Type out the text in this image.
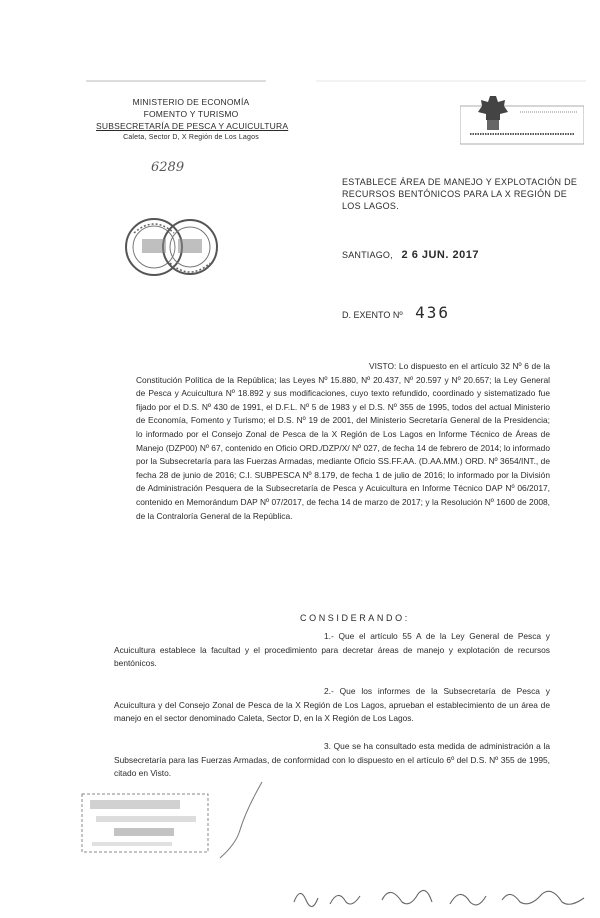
MINISTERIO DE ECONOMÍA
FOMENTO Y TURISMO
SUBSECRETARÍA DE PESCA Y ACUICULTURA
Caleta, Sector D, X Región de Los Lagos
6289
ESTABLECE ÁREA DE MANEJO Y EXPLOTACIÓN DE RECURSOS BENTÓNICOS PARA LA X REGIÓN DE LOS LAGOS.
SANTIAGO, 2 6 JUN. 2017
D. EXENTO Nº 436
VISTO: Lo dispuesto en el artículo 32 Nº 6 de la Constitución Política de la República; las Leyes Nº 15.880, Nº 20.437, Nº 20.597 y Nº 20.657; la Ley General de Pesca y Acuicultura Nº 18.892 y sus modificaciones, cuyo texto refundido, coordinado y sistematizado fue fijado por el D.S. Nº 430 de 1991, el D.F.L. Nº 5 de 1983 y el D.S. Nº 355 de 1995, todos del actual Ministerio de Economía, Fomento y Turismo; el D.S. Nº 19 de 2001, del Ministerio Secretaría General de la Presidencia; lo informado por el Consejo Zonal de Pesca de la X Región de Los Lagos en Informe Técnico de Áreas de Manejo (DZP00) Nº 67, contenido en Oficio ORD./DZP/X/ Nº 027, de fecha 14 de febrero de 2014; lo informado por la Subsecretaría para las Fuerzas Armadas, mediante Oficio SS.FF.AA. (D.AA.MM.) ORD. Nº 3654/INT., de fecha 28 de junio de 2016; C.I. SUBPESCA Nº 8.179, de fecha 1 de julio de 2016; lo informado por la División de Administración Pesquera de la Subsecretaría de Pesca y Acuicultura en Informe Técnico DAP Nº 06/2017, contenido en Memorándum DAP Nº 07/2017, de fecha 14 de marzo de 2017; y la Resolución Nº 1600 de 2008, de la Contraloría General de la República.
CONSIDERANDO:
1.- Que el artículo 55 A de la Ley General de Pesca y Acuicultura establece la facultad y el procedimiento para decretar áreas de manejo y explotación de recursos bentónicos.
2.- Que los informes de la Subsecretaría de Pesca y Acuicultura y del Consejo Zonal de Pesca de la X Región de Los Lagos, aprueban el establecimiento de un área de manejo en el sector denominado Caleta, Sector D, en la X Región de Los Lagos.
3. Que se ha consultado esta medida de administración a la Subsecretaría para las Fuerzas Armadas, de conformidad con lo dispuesto en el artículo 6º del D.S. Nº 355 de 1995, citado en Visto.
